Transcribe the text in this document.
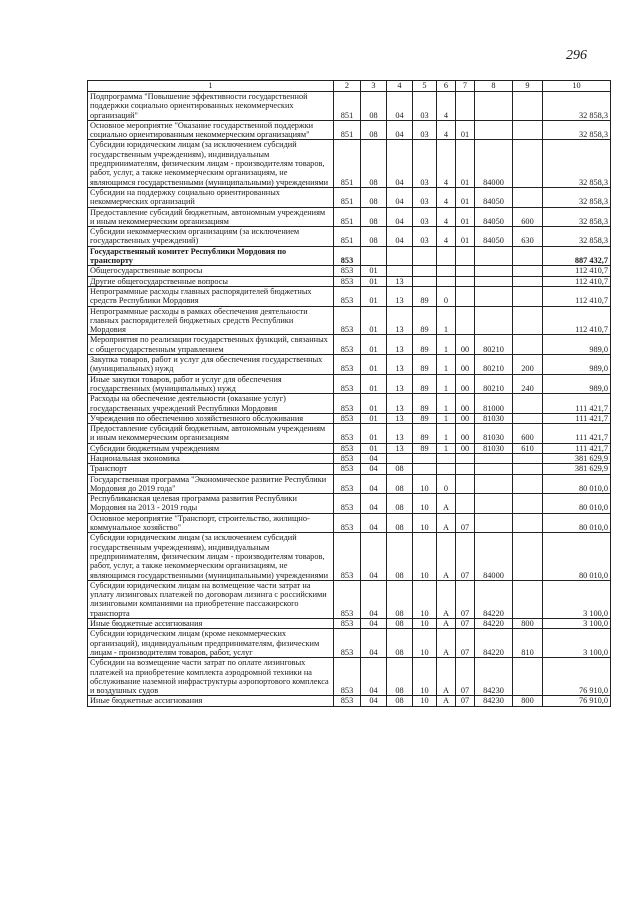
296
1	2	3	4	5	6	7	8	9	10
Подпрограмма "Повышение эффективности государственной поддержки социально ориентированных некоммерческих организаций"	851	08	04	03	4				32 858,3
Основное мероприятие "Оказание государственной поддержки социально ориентированным некоммерческим организациям"	851	08	04	03	4	01			32 858,3
Субсидии юридическим лицам (за исключением субсидий государственным учреждениям), индивидуальным предпринимателям, физическим лицам - производителям товаров, работ, услуг, а также некоммерческим организациям, не являющимся государственными (муниципальными) учреждениями	851	08	04	03	4	01	84000		32 858,3
Субсидии на поддержку социально ориентированных некоммерческих организаций	851	08	04	03	4	01	84050		32 858,3
Предоставление субсидий бюджетным, автономным учреждениям и иным некоммерческим организациям	851	08	04	03	4	01	84050	600	32 858,3
Субсидии некоммерческим организациям (за исключением государственных учреждений)	851	08	04	03	4	01	84050	630	32 858,3
Государственный комитет Республики Мордовия по транспорту	853								887 432,7
Общегосударственные вопросы	853	01							112 410,7
Другие общегосударственные вопросы	853	01	13						112 410,7
Непрограммные расходы главных распорядителей бюджетных средств Республики Мордовия	853	01	13	89	0				112 410,7
Непрограммные расходы в рамках обеспечения деятельности главных распорядителей бюджетных средств Республики Мордовия	853	01	13	89	1				112 410,7
Мероприятия по реализации государственных функций, связанных с общегосударственным управлением	853	01	13	89	1	00	80210		989,0
Закупка товаров, работ и услуг для обеспечения государственных (муниципальных) нужд	853	01	13	89	1	00	80210	200	989,0
Иные закупки товаров, работ и услуг для обеспечения государственных (муниципальных) нужд	853	01	13	89	1	00	80210	240	989,0
Расходы на обеспечение деятельности (оказание услуг) государственных учреждений Республики Мордовия	853	01	13	89	1	00	81000		111 421,7
Учреждения по обеспечению хозяйственного обслуживания	853	01	13	89	1	00	81030		111 421,7
Предоставление субсидий бюджетным, автономным учреждениям и иным некоммерческим организациям	853	01	13	89	1	00	81030	600	111 421,7
Субсидии бюджетным учреждениям	853	01	13	89	1	00	81030	610	111 421,7
Национальная экономика	853	04							381 629,9
Транспорт	853	04	08						381 629,9
Государственная программа "Экономическое развитие Республики Мордовия до 2019 года"	853	04	08	10	0				80 010,0
Республиканская целевая программа развития Республики Мордовия на 2013 - 2019 годы	853	04	08	10	А				80 010,0
Основное мероприятие "Транспорт, строительство, жилищно-коммунальное хозяйство"	853	04	08	10	А	07			80 010,0
Субсидии юридическим лицам (за исключением субсидий государственным учреждениям), индивидуальным предпринимателям, физическим лицам - производителям товаров, работ, услуг, а также некоммерческим организациям, не являющимся государственными (муниципальными) учреждениями	853	04	08	10	А	07	84000		80 010,0
Субсидии юридическим лицам на возмещение части затрат на уплату лизинговых платежей по договорам лизинга с российскими лизинговыми компаниями на приобретение пассажирского транспорта	853	04	08	10	А	07	84220		3 100,0
Иные бюджетные ассигнования	853	04	08	10	А	07	84220	800	3 100,0
Субсидии юридическим лицам (кроме некоммерческих организаций), индивидуальным предпринимателям, физическим лицам - производителям товаров, работ, услуг	853	04	08	10	А	07	84220	810	3 100,0
Субсидии на возмещение части затрат по оплате лизинговых платежей на приобретение комплекта аэродромной техники на обслуживание наземной инфраструктуры аэропортового комплекса и воздушных судов	853	04	08	10	А	07	84230		76 910,0
Иные бюджетные ассигнования	853	04	08	10	А	07	84230	800	76 910,0
